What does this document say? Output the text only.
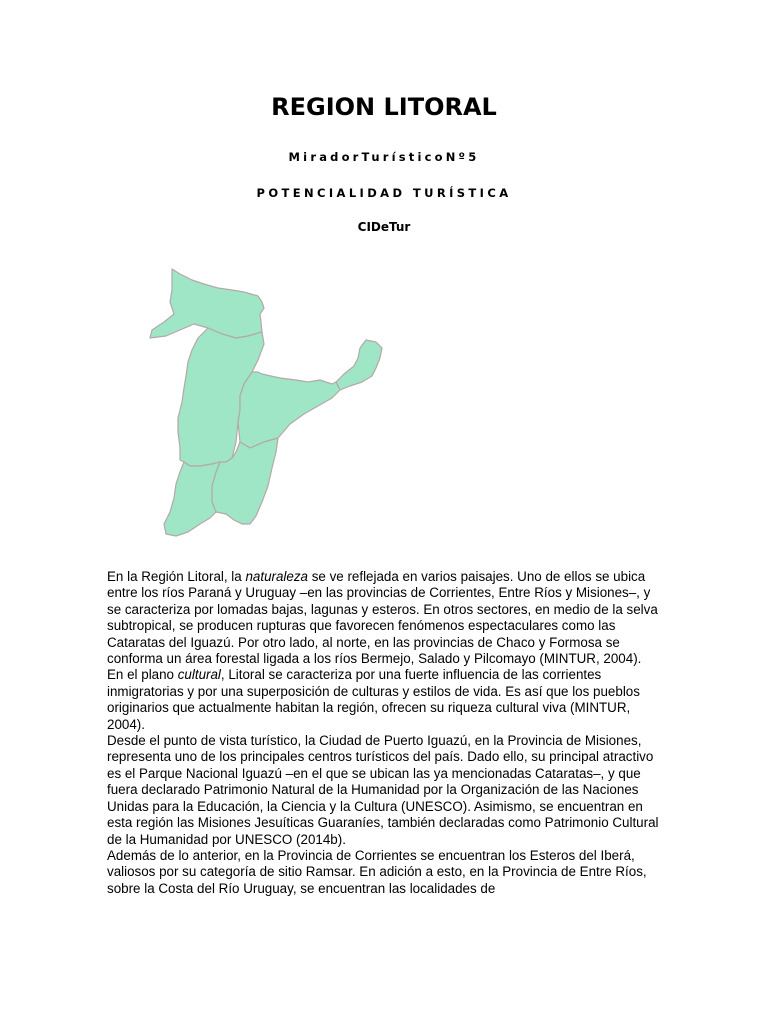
REGION LITORAL
MiradorTurísticoNº5
POTENCIALIDAD TURÍSTICA
CIDeTur

En la Región Litoral, la naturaleza se ve reflejada en varios paisajes. Uno de ellos se ubica entre los ríos Paraná y Uruguay –en las provincias de Corrientes, Entre Ríos y Misiones–, y se caracteriza por lomadas bajas, lagunas y esteros. En otros sectores, en medio de la selva subtropical, se producen rupturas que favorecen fenómenos espectaculares como las Cataratas del Iguazú. Por otro lado, al norte, en las provincias de Chaco y Formosa se conforma un área forestal ligada a los ríos Bermejo, Salado y Pilcomayo (MINTUR, 2004).

En el plano cultural, Litoral se caracteriza por una fuerte influencia de las corrientes inmigratorias y por una superposición de culturas y estilos de vida. Es así que los pueblos originarios que actualmente habitan la región, ofrecen su riqueza cultural viva (MINTUR, 2004).

Desde el punto de vista turístico, la Ciudad de Puerto Iguazú, en la Provincia de Misiones, representa uno de los principales centros turísticos del país. Dado ello, su principal atractivo es el Parque Nacional Iguazú –en el que se ubican las ya mencionadas Cataratas–, y que fuera declarado Patrimonio Natural de la Humanidad por la Organización de las Naciones Unidas para la Educación, la Ciencia y la Cultura (UNESCO). Asimismo, se encuentran en esta región las Misiones Jesuíticas Guaraníes, también declaradas como Patrimonio Cultural de la Humanidad por UNESCO (2014b).

Además de lo anterior, en la Provincia de Corrientes se encuentran los Esteros del Iberá, valiosos por su categoría de sitio Ramsar. En adición a esto, en la Provincia de Entre Ríos, sobre la Costa del Río Uruguay, se encuentran las localidades de
